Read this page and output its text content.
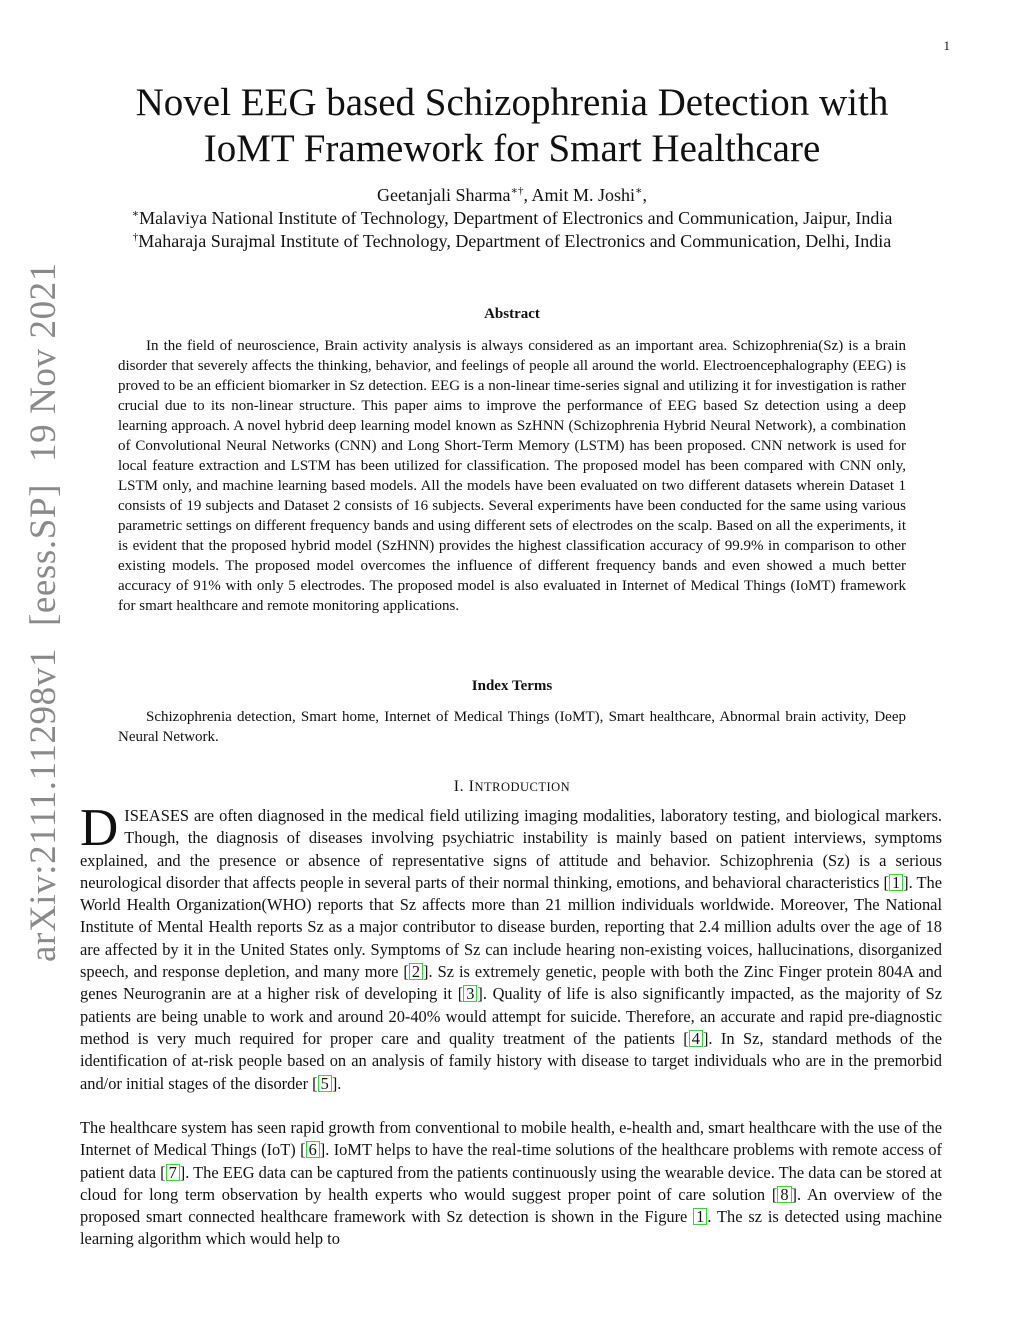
1
arXiv:2111.11298v1[eess.SP]19 Nov 2021
Novel EEG based Schizophrenia Detection with
IoMT Framework for Smart Healthcare
Geetanjali Sharma∗†, Amit M. Joshi∗,
∗Malaviya National Institute of Technology, Department of Electronics and Communication, Jaipur, India
†Maharaja Surajmal Institute of Technology, Department of Electronics and Communication, Delhi, India
Abstract

In the field of neuroscience, Brain activity analysis is always considered as an important area. Schizophrenia(Sz) is a brain disorder that severely affects the thinking, behavior, and feelings of people all around the world. Electroencephalography (EEG) is proved to be an efficient biomarker in Sz detection. EEG is a non-linear time-series signal and utilizing it for investigation is rather crucial due to its non-linear structure. This paper aims to improve the performance of EEG based Sz detection using a deep learning approach. A novel hybrid deep learning model known as SzHNN (Schizophrenia Hybrid Neural Network), a combination of Convolutional Neural Networks (CNN) and Long Short-Term Memory (LSTM) has been proposed. CNN network is used for local feature extraction and LSTM has been utilized for classification. The proposed model has been compared with CNN only, LSTM only, and machine learning based models. All the models have been evaluated on two different datasets wherein Dataset 1 consists of 19 subjects and Dataset 2 consists of 16 subjects. Several experiments have been conducted for the same using various parametric settings on different frequency bands and using different sets of electrodes on the scalp. Based on all the experiments, it is evident that the proposed hybrid model (SzHNN) provides the highest classification accuracy of 99.9% in comparison to other existing models. The proposed model overcomes the influence of different frequency bands and even showed a much better accuracy of 91% with only 5 electrodes. The proposed model is also evaluated in Internet of Medical Things (IoMT) framework for smart healthcare and remote monitoring applications.

Index Terms

Schizophrenia detection, Smart home, Internet of Medical Things (IoMT), Smart healthcare, Abnormal brain activity, Deep Neural Network.

I. INTRODUCTION

DISEASES are often diagnosed in the medical field utilizing imaging modalities, laboratory testing, and biological markers. Though, the diagnosis of diseases involving psychiatric instability is mainly based on patient interviews, symptoms explained, and the presence or absence of representative signs of attitude and behavior. Schizophrenia (Sz) is a serious neurological disorder that affects people in several parts of their normal thinking, emotions, and behavioral characteristics [ 1 ]. The World Health Organization(WHO) reports that Sz affects more than 21 million individuals worldwide. Moreover, The National Institute of Mental Health reports Sz as a major contributor to disease burden, reporting that 2.4 million adults over the age of 18 are affected by it in the United States only. Symptoms of Sz can include hearing non-existing voices, hallucinations, disorganized speech, and response depletion, and many more [ 2 ]. Sz is extremely genetic, people with both the Zinc Finger protein 804A and genes Neurogranin are at a higher risk of developing it [ 3 ]. Quality of life is also significantly impacted, as the majority of Sz patients are being unable to work and around 20-40% would attempt for suicide. Therefore, an accurate and rapid pre-diagnostic method is very much required for proper care and quality treatment of the patients [ 4 ]. In Sz, standard methods of the identification of at-risk people based on an analysis of family history with disease to target individuals who are in the premorbid and/or initial stages of the disorder [ 5 ].

The healthcare system has seen rapid growth from conventional to mobile health, e-health and, smart healthcare with the use of the Internet of Medical Things (IoT) [ 6 ]. IoMT helps to have the real-time solutions of the healthcare problems with remote access of patient data [ 7 ]. The EEG data can be captured from the patients continuously using the wearable device. The data can be stored at cloud for long term observation by health experts who would suggest proper point of care solution [ 8 ]. An overview of the proposed smart connected healthcare framework with Sz detection is shown in the Figure 1 . The sz is detected using machine learning algorithm which would help to
